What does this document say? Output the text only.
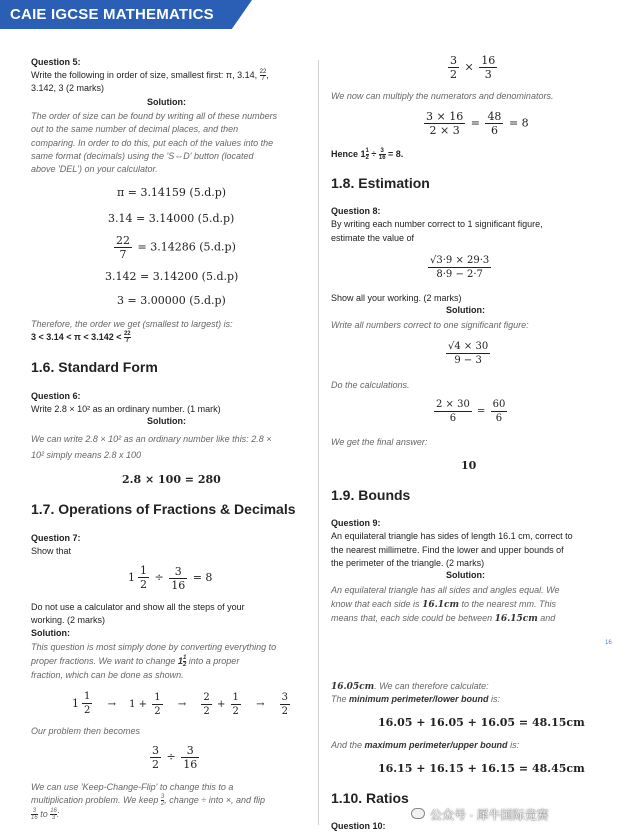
CAIE IGCSE MATHEMATICS
Question 5:
Write the following in order of size, smallest first: π, 3.14, $\frac{22}{7}$ ,
3.142, 3 (2 marks)
Solution:
The order of size can be found by writing all of these numbers
out to the same number of decimal places, and then
comparing. In order to do this, put each of the values into the
same format (decimals) using the 'S⇔D' button (located
above 'DEL') on your calculator.
π = 3.14159 (5.d.p)
3.14 = 3.14000 (5.d.p)
$\frac{22}{7} = 3.14286$ (5.d.p)
3.142 = 3.14200 (5.d.p)
3 = 3.00000 (5.d.p)
Therefore, the order we get (smallest to largest) is:
$3 < 3.14 < \pi < 3.142 < \frac{22}{7}$
1.6. Standard Form
Question 6:
Write 2.8 × 10² as an ordinary number. (1 mark)
Solution:
We can write 2.8 × 10² as an ordinary number like this: 2.8 ×
10² simply means 2.8 x 100
2.8 × 100 = 280
1.7. Operations of Fractions & Decimals
Question 7:
Show that
$1 \frac{1}{2} \div \frac{3}{16} = 8$
Do not use a calculator and show all the steps of your
working. (2 marks)
Solution:
This question is most simply done by converting everything to
proper fractions. We want to change $1 \frac{1}{2}$ into a proper
fraction, which can be done as shown.
$1 \frac{1}{2} \to 1 + \frac{1}{2} \to \frac{2}{2} + \frac{1}{2} \to \frac{3}{2}$
Our problem then becomes
$\frac{3}{2} \div \frac{3}{16}$
We can use 'Keep-Change-Flip' to change this to a
multiplication problem. We keep $\frac{3}{2}$ , change ÷ into ×, and flip
$\frac{3}{16}$ to $\frac{16}{3}$ :
$\frac{3}{2} \times \frac{16}{3}$
We now can multiply the numerators and denominators.
$\frac{3 \times 16}{2 \times 3} = \frac{48}{6} = 8$
Hence $1 \frac{1}{2} \div \frac{3}{16} = 8$.
1.8. Estimation
Question 8:
By writing each number correct to 1 significant figure,
estimate the value of
$\frac{√3\cdot 9 \times 29\cdot 3}{8\cdot 9 - 2\cdot 7}$
Show all your working. (2 marks)
Solution:
Write all numbers correct to one significant figure:
$\frac{√4 \times 30}{9 - 3}$
Do the calculations.
$\frac{2 \times 30}{6} = \frac{60}{6}$
We get the final answer:
10
1.9. Bounds
Question 9:
An equilateral triangle has sides of length 16.1 cm, correct to
the nearest millimetre. Find the lower and upper bounds of
the perimeter of the triangle. (2 marks)
Solution:
An equilateral triangle has all sides and angles equal. We
know that each side is 16.1cm to the nearest mm. This
means that, each side could be between 16.15cm and
16
16.05cm. We can therefore calculate:
The minimum perimeter/lower bound is:
16.05 + 16.05 + 16.05 = 48.15cm
And the maximum perimeter/upper bound is:
16.15 + 16.15 + 16.15 = 48.45cm
1.10. Ratios
Question 10:
公众号 · 犀牛国际竞赛
